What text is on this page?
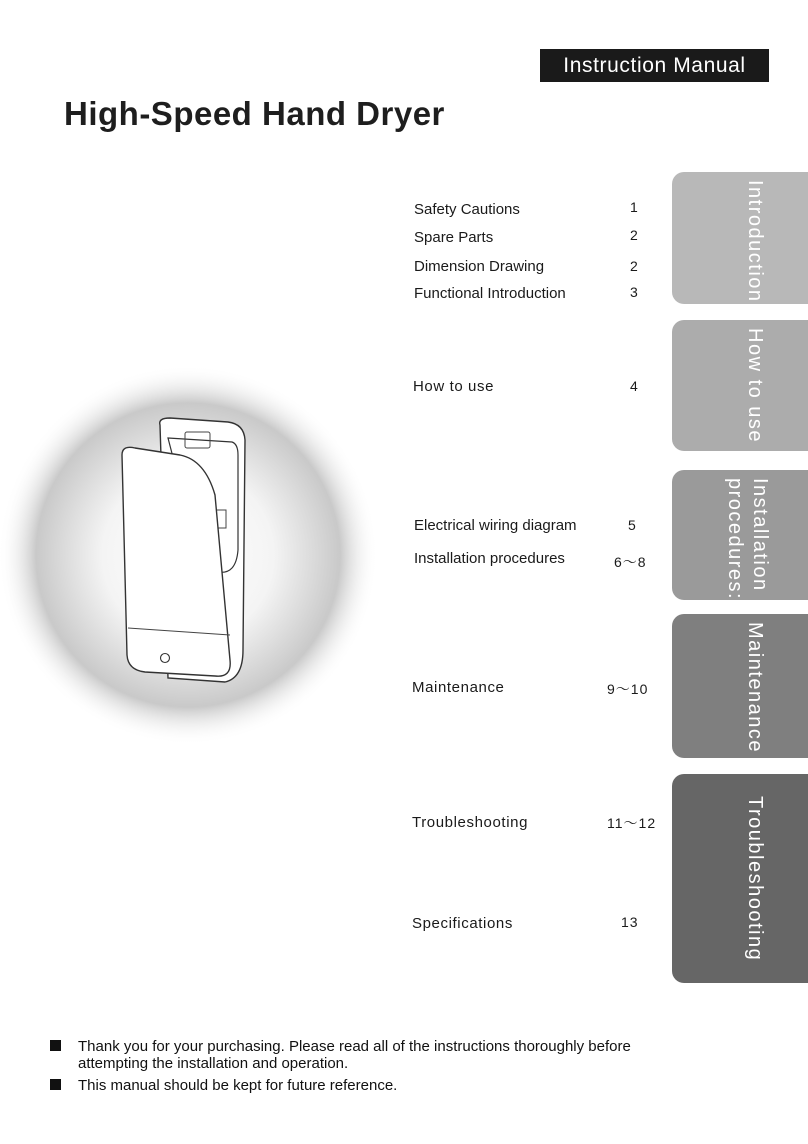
Instruction Manual
High-Speed Hand Dryer
Safety Cautions	1
Spare Parts	2
Dimension Drawing	2
Functional Introduction	3
How to use	4
Electrical wiring diagram	5
Installation procedures	6～8
Maintenance	9～10
Troubleshooting	11～12
Specifications	13
Introduction
How to use
Installation procedures:
Maintenance
Troubleshooting
Thank you for your purchasing. Please read all of the instructions thoroughly before attempting the installation and operation.
This manual should be kept for future reference.
